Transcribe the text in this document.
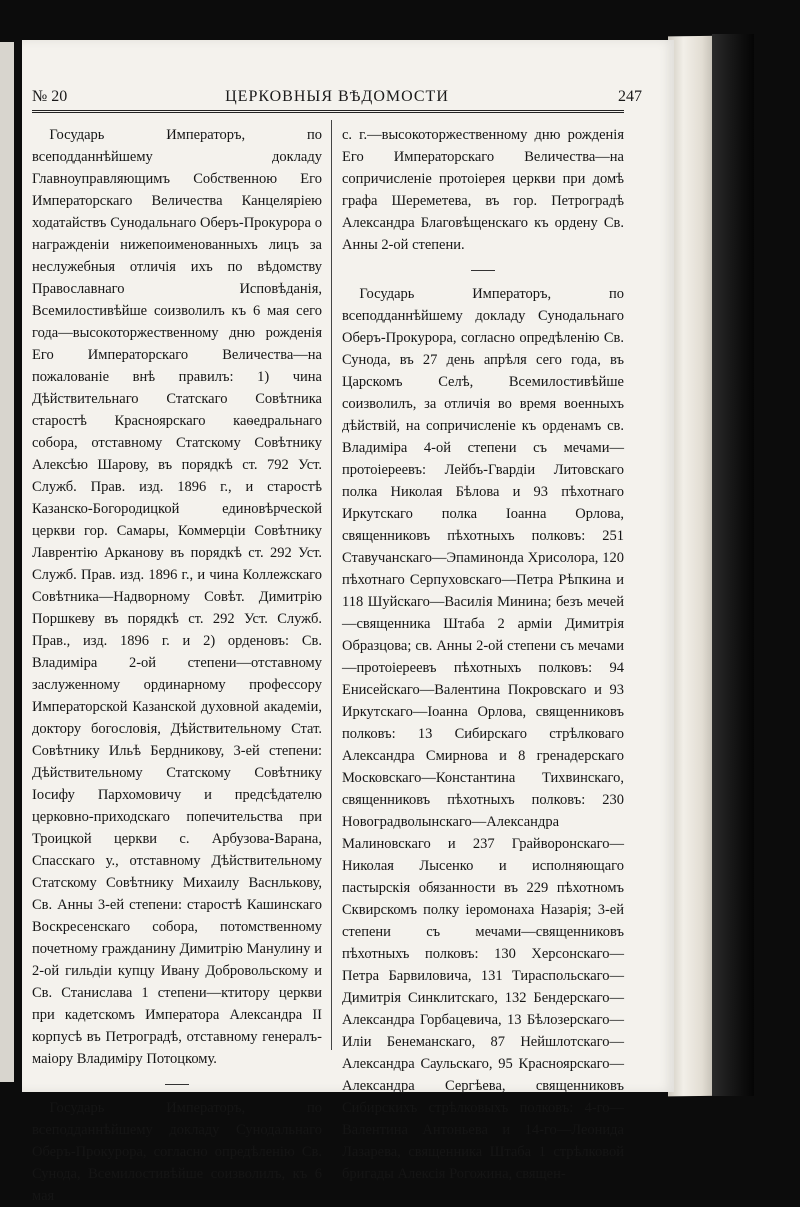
№ 20	ЦЕРКОВНЫЯ ВѢДОМОСТИ	247

Государь Императоръ, по всеподданнѣйшему докладу Главноуправляющимъ Собственною Его Императорскаго Величества Канцеляріею ходатайствъ Сунодальнаго Оберъ-Прокурора о награжденіи нижепоименованныхъ лицъ за неслужебныя отличія ихъ по вѣдомству Православнаго Исповѣданія, Всемилостивѣйше соизволилъ къ 6 мая сего года—высокоторжественному дню рожденія Его Императорскаго Величества—на пожалованіе внѣ правилъ: 1) чина Дѣйствительнаго Статскаго Совѣтника старостѣ Красноярскаго каѳедральнаго собора, отставному Статскому Совѣтнику Алексѣю Шарову, въ порядкѣ ст. 792 Уст. Служб. Прав. изд. 1896 г., и старостѣ Казанско-Богородицкой единовѣрческой церкви гор. Самары, Коммерціи Совѣтнику Лаврентію Арканову въ порядкѣ ст. 292 Уст. Служб. Прав. изд. 1896 г., и чина Коллежскаго Совѣтника—Надворному Совѣт. Димитрію Поршкеву въ порядкѣ ст. 292 Уст. Служб. Прав., изд. 1896 г. и 2) орденовъ: Св. Владиміра 2-ой степени—отставному заслуженному ординарному профессору Императорской Казанской духовной академіи, доктору богословія, Дѣйствительному Стат. Совѣтнику Ильѣ Бердникову, 3-ей степени: Дѣйствительному Статскому Совѣтнику Іосифу Пархомовичу и предсѣдателю церковно-приходскаго попечительства при Троицкой церкви с. Арбузова-Варана, Спасскаго у., отставному Дѣйствительному Статскому Совѣтнику Михаилу Васнлькову, Св. Анны 3-ей степени: старостѣ Кашинскаго Воскресенскаго собора, потомственному почетному гражданину Димитрію Манулину и 2-ой гильдіи купцу Ивану Добровольскому и Св. Станислава 1 степени—ктитору церкви при кадетскомъ Императора Александра II корпусѣ въ Петроградѣ, отставному генералъ-маіору Владиміру Потоцкому.

Государь Императоръ, по всеподданнѣйшему докладу Сунодальнаго Оберъ-Прокурора, согласно опредѣленію Св. Сунода, Всемилостивѣйше соизволилъ, къ 6 мая

с. г.—высокоторжественному дню рожденія Его Императорскаго Величества—на сопричисленіе протоіерея церкви при домѣ графа Шереметева, въ гор. Петроградѣ Александра Благовѣщенскаго къ ордену Св. Анны 2-ой степени.

Государь Императоръ, по всеподданнѣйшему докладу Сунодальнаго Оберъ-Прокурора, согласно опредѣленію Св. Сунода, въ 27 день апрѣля сего года, въ Царскомъ Селѣ, Всемилостивѣйше соизволилъ, за отличія во время военныхъ дѣйствій, на сопричисленіе къ орденамъ св. Владиміра 4-ой степени съ мечами—протоіереевъ: Лейбъ-Гвардіи Литовскаго полка Николая Бѣлова и 93 пѣхотнаго Иркутскаго полка Іоанна Орлова, священниковъ пѣхотныхъ полковъ: 251 Ставучанскаго—Эпаминонда Хрисолора, 120 пѣхотнаго Серпуховскаго—Петра Рѣпкина и 118 Шуйскаго—Василія Минина; безъ мечей—священника Штаба 2 арміи Димитрія Образцова; св. Анны 2-ой степени съ мечами—протоіереевъ пѣхотныхъ полковъ: 94 Енисейскаго—Валентина Покровскаго и 93 Иркутскаго—Іоанна Орлова, священниковъ полковъ: 13 Сибирскаго стрѣлковаго Александра Смирнова и 8 гренадерскаго Московскаго—Константина Тихвинскаго, священниковъ пѣхотныхъ полковъ: 230 Новоградволынскаго—Александра Малиновскаго и 237 Грайворонскаго—Николая Лысенко и исполняющаго пастырскія обязанности въ 229 пѣхотномъ Сквирскомъ полку іеромонаха Назарія; 3-ей степени съ мечами—священниковъ пѣхотныхъ полковъ: 130 Херсонскаго—Петра Барвиловича, 131 Тираспольскаго—Димитрія Синклитскаго, 132 Бендерскаго—Александра Горбацевича, 13 Бѣлозерскаго—Иліи Бенеманскаго, 87 Нейшлотскаго—Александра Саульскаго, 95 Красноярскаго—Александра Сергѣева, священниковъ Сибирскихъ стрѣлковыхъ полковъ: 4-го—Валентина Антоньева и 14-го—Леонида Лазарева, священника Штаба 1 стрѣлковой бригады Алексія Рогожина, священ-
